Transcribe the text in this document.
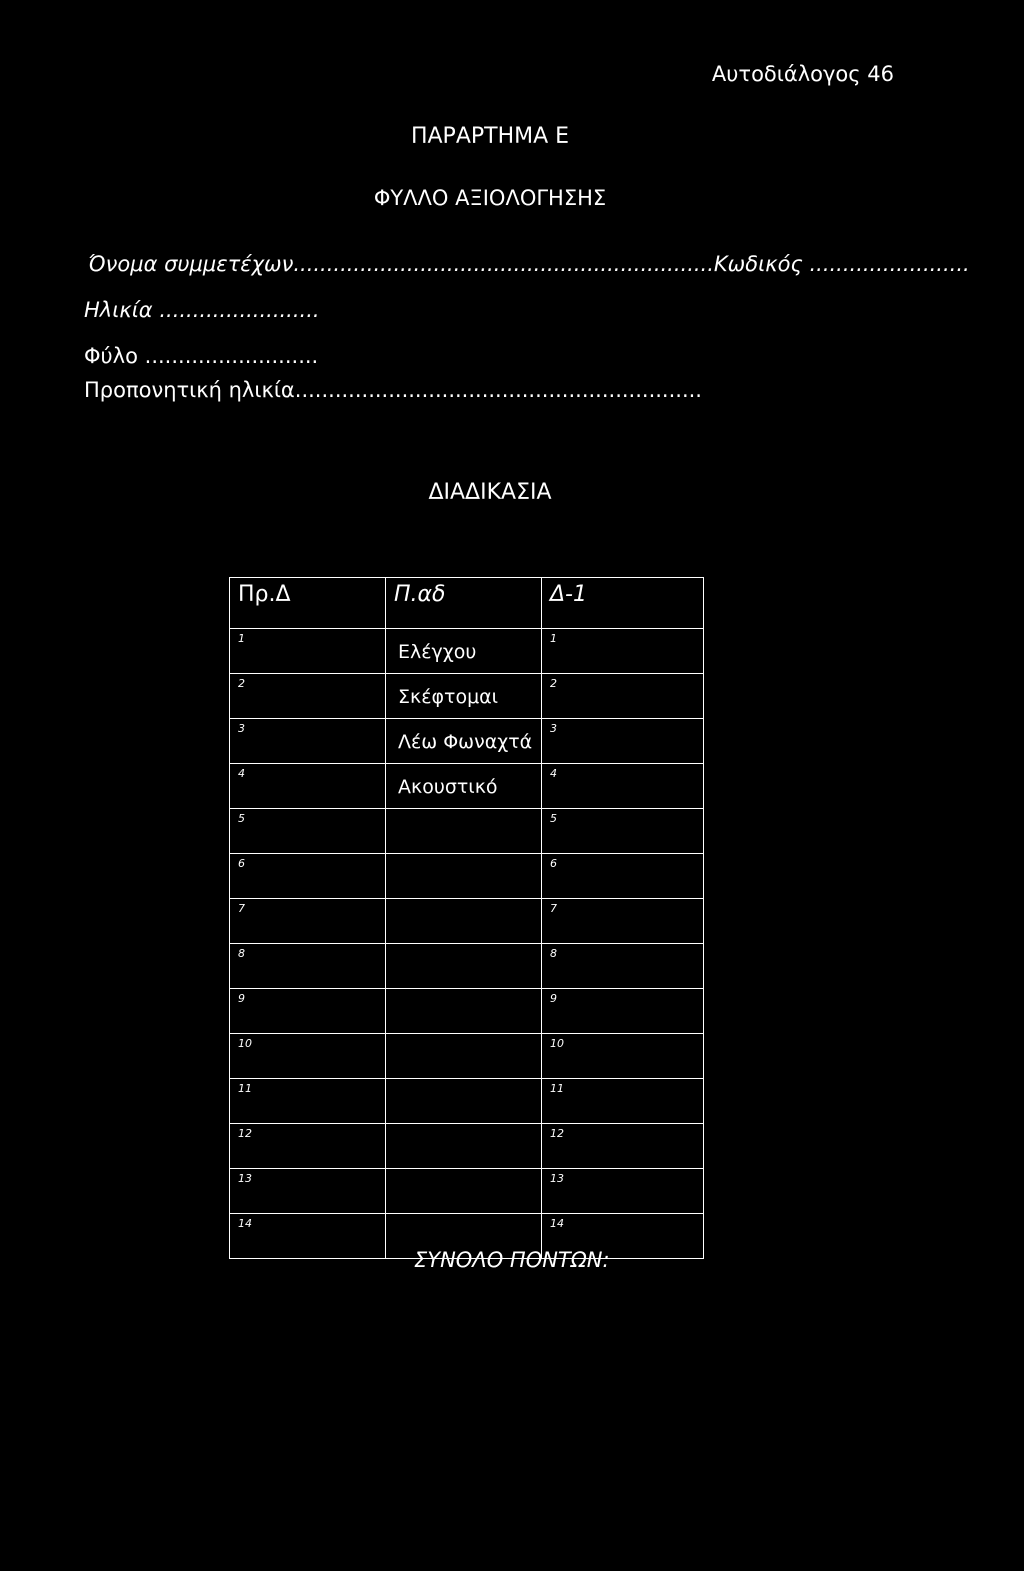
Αυτοδιάλογος 46
ΠΑΡΑΡΤΗΜΑ Ε
ΦΥΛΛΟ ΑΞΙΟΛΟΓΗΣΗΣ
Όνομα συμμετέχων...............................................................Κωδικός ........................
Ηλικία ........................
Φύλο ..........................
Προπονητική ηλικία.............................................................
ΔΙΑΔΙΚΑΣΙΑ
Πρ.Δ	Π.αδ	Δ-1

1	Ελέγχου	1

2	Σκέφτομαι	2

3	Λέω Φωναχτά	3

4	Ακουστικό	4

5		5

6		6

7		7

8		8

9		9

10		10

11		11

12		12

13		13

14		14
ΣΥΝΟΛΟ ΠΟΝΤΩΝ:
